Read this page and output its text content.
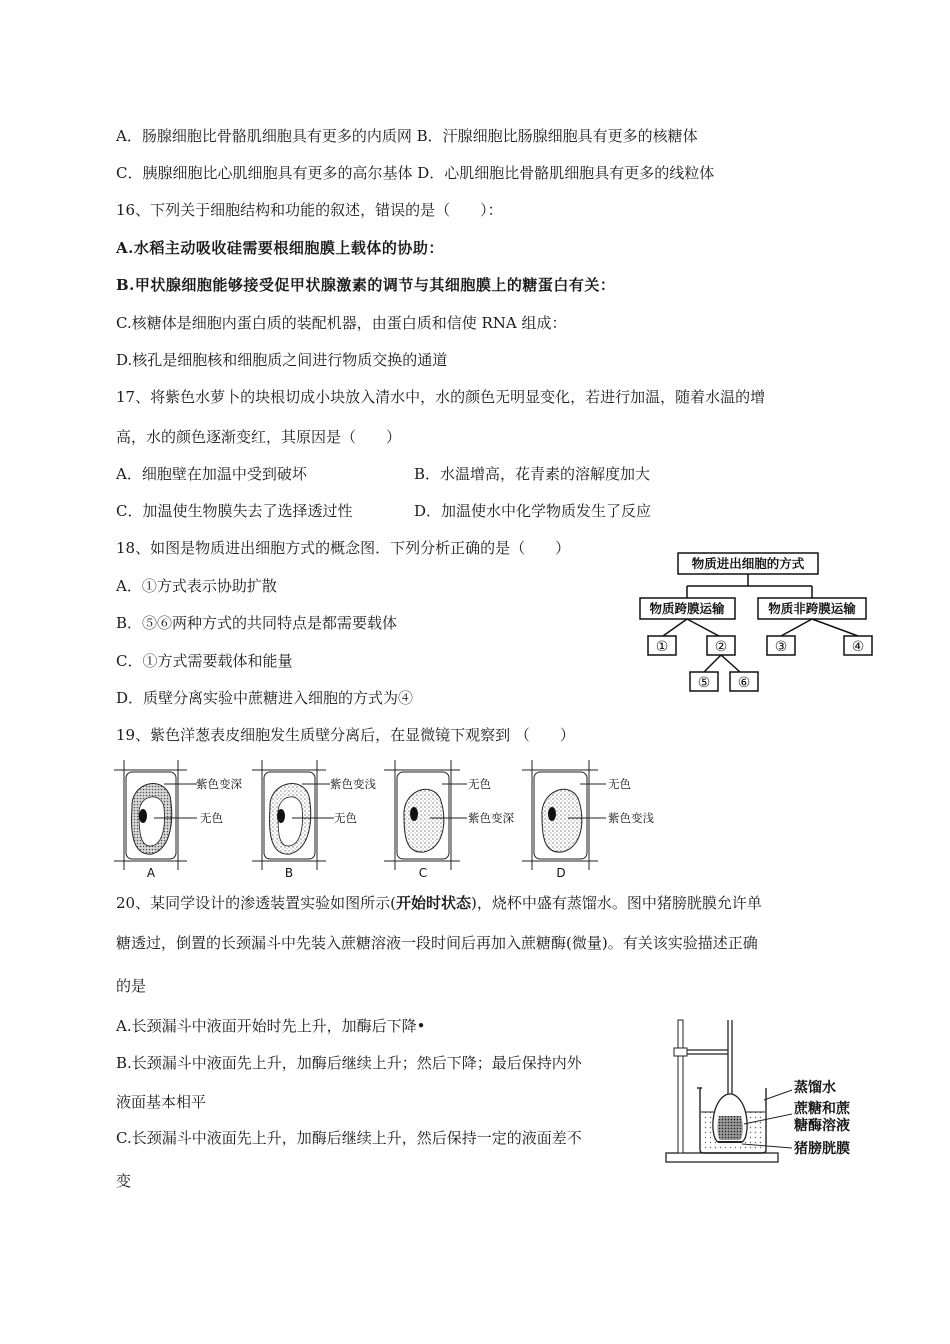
A．肠腺细胞比骨骼肌细胞具有更多的内质网 B．汗腺细胞比肠腺细胞具有更多的核糖体
C．胰腺细胞比心肌细胞具有更多的高尔基体 D．心肌细胞比骨骼肌细胞具有更多的线粒体
16、下列关于细胞结构和功能的叙述，错误的是（　　）：
A.水稻主动吸收硅需要根细胞膜上载体的协助：
B.甲状腺细胞能够接受促甲状腺激素的调节与其细胞膜上的糖蛋白有关：
C.核糖体是细胞内蛋白质的装配机器，由蛋白质和信使 RNA 组成：
D.核孔是细胞核和细胞质之间进行物质交换的通道
17、将紫色水萝卜的块根切成小块放入清水中，水的颜色无明显变化，若进行加温，随着水温的增
高，水的颜色逐渐变红，其原因是（　　）
A．细胞壁在加温中受到破坏	B．水温增高，花青素的溶解度加大
C．加温使生物膜失去了选择透过性	D．加温使水中化学物质发生了反应
18、如图是物质进出细胞方式的概念图．下列分析正确的是（　　）
A．①方式表示协助扩散
B．⑤⑥两种方式的共同特点是都需要载体
C．①方式需要载体和能量
D．质壁分离实验中蔗糖进入细胞的方式为④
物质进出细胞的方式
物质跨膜运输	物质非跨膜运输
①	②	③	④
⑤ ⑥
19、紫色洋葱表皮细胞发生质壁分离后，在显微镜下观察到 （　　）
紫色变深
无色
A
紫色变浅
无色
B
无色
紫色变深
C
无色
紫色变浅
D
20、某同学设计的渗透装置实验如图所示(开始时状态)，烧杯中盛有蒸馏水。图中猪膀胱膜允许单
糖透过，倒置的长颈漏斗中先装入蔗糖溶液一段时间后再加入蔗糖酶(微量)。有关该实验描述正确
的是
A.长颈漏斗中液面开始时先上升，加酶后下降•
B.长颈漏斗中液面先上升，加酶后继续上升；然后下降；最后保持内外
液面基本相平
C.长颈漏斗中液面先上升，加酶后继续上升，然后保持一定的液面差不
变
蒸馏水
蔗糖和蔗
糖酶溶液
猪膀胱膜
